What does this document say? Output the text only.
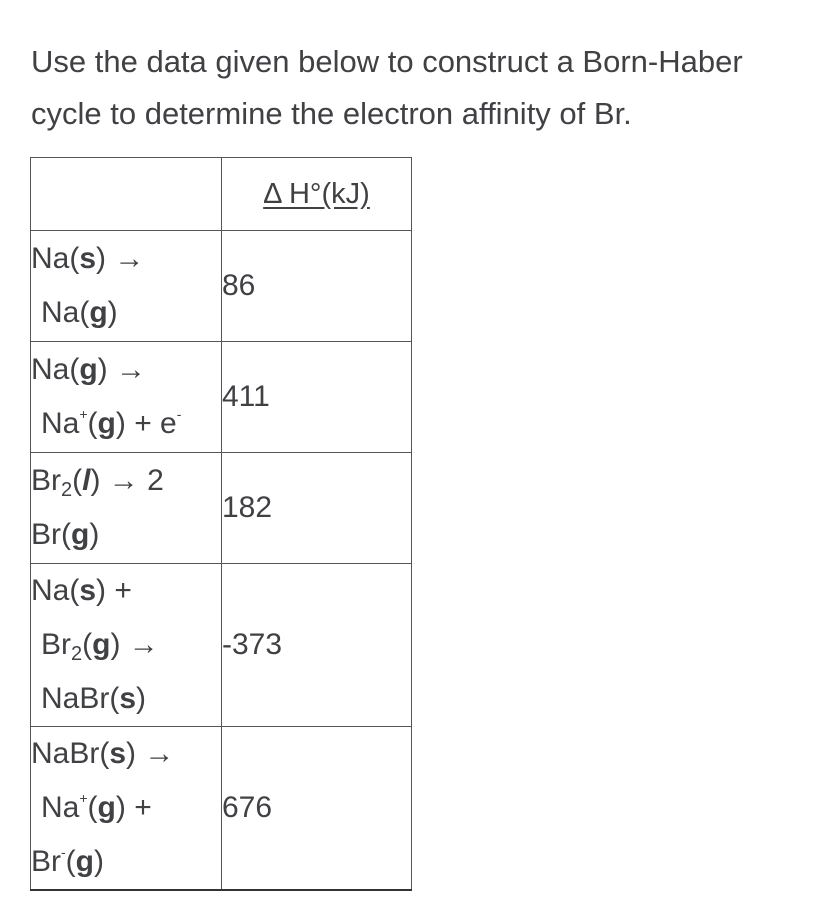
Use the data given below to construct a Born-Haber
cycle to determine the electron affinity of Br.
	Δ H°(kJ)

Na(s) →
Na(g)	86

Na(g) →
Na+(g) + e-	411

$Br_2(l) \to 2$
Br(g)	182

Na(s) +
$Br_2(g)$ →
NaBr(s)	-373

NaBr(s) →
Na+(g) +
Br-(g)	676
